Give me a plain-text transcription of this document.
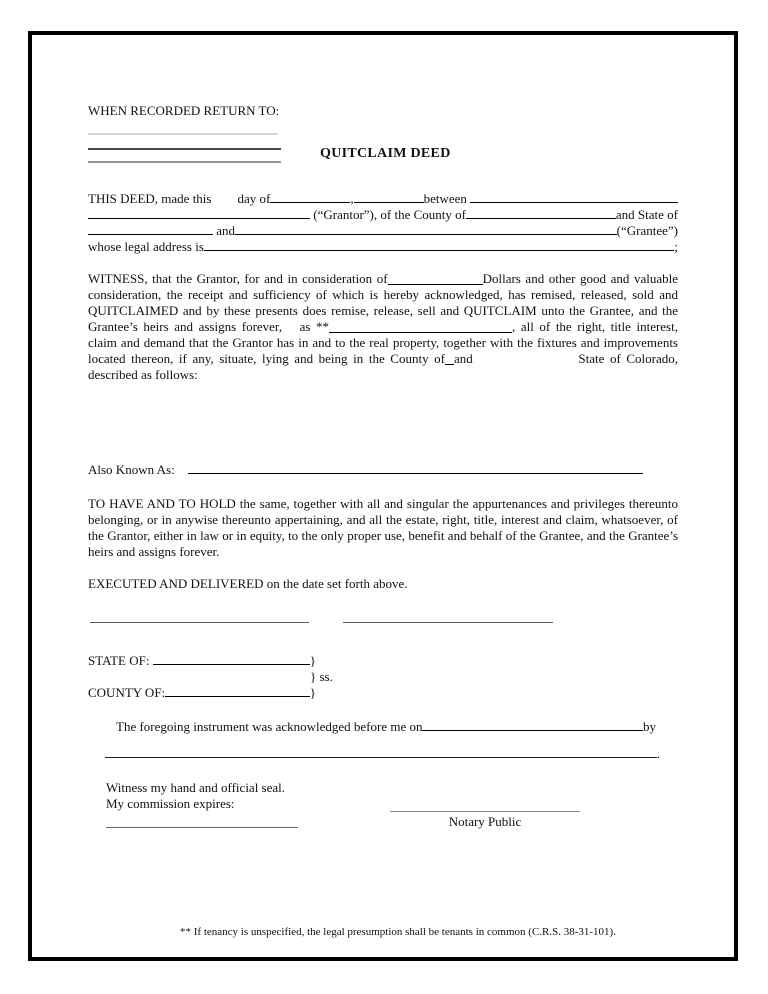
WHEN RECORDED RETURN TO:
QUITCLAIM DEED
THIS DEED, made this day of	,	between
(“Grantor”), of the County of	and State of
and	(“Grantee”)
whose legal address is	;

WITNESS, that the Grantor, for and in consideration of	Dollars and other good and valuable consideration, the receipt and sufficiency of which is hereby acknowledged, has remised, released, sold and QUITCLAIMED and by these presents does remise, release, sell and QUITCLAIM unto the Grantee, and the Grantee’s heirs and assigns forever, as **	, all of the right, title interest, claim and demand that the Grantor has in and to the real property, together with the fixtures and improvements located thereon, if any, situate, lying and being in the County of and	State of Colorado, described as follows:

Also Known As:

TO HAVE AND TO HOLD the same, together with all and singular the appurtenances and privileges thereunto belonging, or in anywise thereunto appertaining, and all the estate, right, title, interest and claim, whatsoever, of the Grantor, either in law or in equity, to the only proper use, benefit and behalf of the Grantee, and the Grantee’s heirs and assigns forever.

EXECUTED AND DELIVERED on the date set forth above.
STATE OF:	}
} ss.
COUNTY OF:	}
The foregoing instrument was acknowledged before me on	by
.
Witness my hand and official seal.
My commission expires:
Notary Public
** If tenancy is unspecified, the legal presumption shall be tenants in common (C.R.S. 38-31-101).
